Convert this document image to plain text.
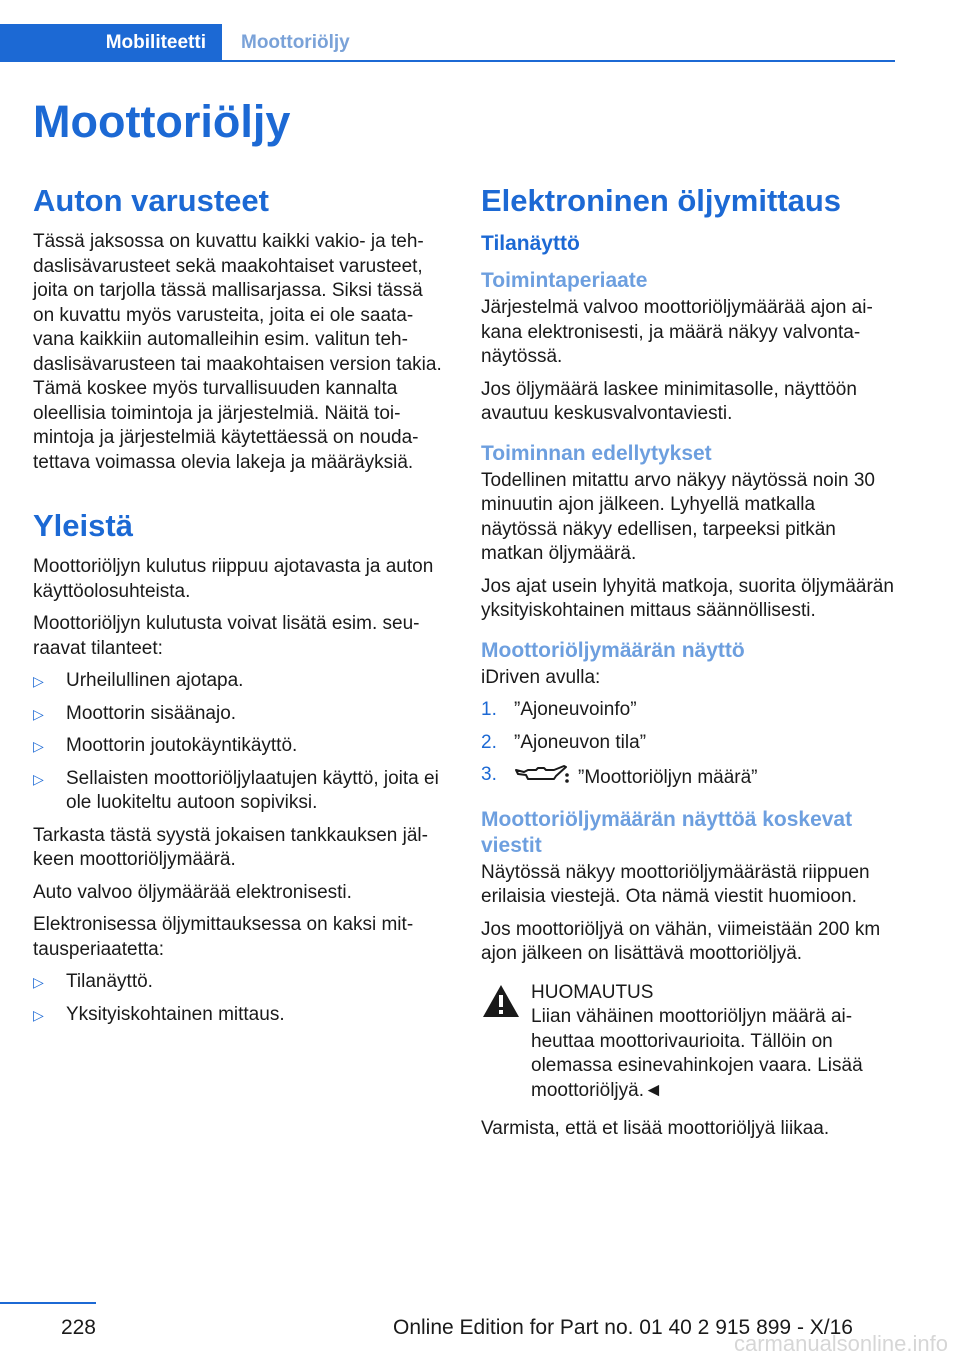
Mobiliteetti	Moottoriöljy
Moottoriöljy
Auton varusteet

Tässä jaksossa on kuvattu kaikki vakio- ja tehdaslisävarusteet sekä maakohtaiset varusteet, joita on tarjolla tässä mallisarjassa. Siksi tässä on kuvattu myös varusteita, joita ei ole saatavana kaikkiin automalleihin esim. valitun tehdaslisävarusteen tai maakohtaisen version takia. Tämä koskee myös turvallisuuden kannalta oleellisia toimintoja ja järjestelmiä. Näitä toimintoja ja järjestelmiä käytettäessä on noudatettava voimassa olevia lakeja ja määräyksiä.

Yleistä

Moottoriöljyn kulutus riippuu ajotavasta ja auton käyttöolosuhteista.

Moottoriöljyn kulutusta voivat lisätä esim. seuraavat tilanteet:

▷ Urheilullinen ajotapa.
▷ Moottorin sisäänajo.
▷ Moottorin joutokäyntikäyttö.
▷ Sellaisten moottoriöljylaatujen käyttö, joita ei ole luokiteltu autoon sopiviksi.

Tarkasta tästä syystä jokaisen tankkauksen jälkeen moottoriöljymäärä.

Auto valvoo öljymäärää elektronisesti.

Elektronisessa öljymittauksessa on kaksi mittausperiaatetta:

▷ Tilanäyttö.
▷ Yksityiskohtainen mittaus.
Elektroninen öljymittaus
Tilanäyttö
Toimintaperiaate

Järjestelmä valvoo moottoriöljymäärää ajon aikana elektronisesti, ja määrä näkyy valvontanäytössä.

Jos öljymäärä laskee minimitasolle, näyttöön avautuu keskusvalvontaviesti.

Toiminnan edellytykset

Todellinen mitattu arvo näkyy näytössä noin 30 minuutin ajon jälkeen. Lyhyellä matkalla näytössä näkyy edellisen, tarpeeksi pitkän matkan öljymäärä.

Jos ajat usein lyhyitä matkoja, suorita öljymäärän yksityiskohtainen mittaus säännöllisesti.

Moottoriöljymäärän näyttö

iDriven avulla:

1. ”Ajoneuvoinfo”
2. ”Ajoneuvon tila”
3.	”Moottoriöljyn määrä”
Moottoriöljymäärän näyttöä koskevat viestit

Näytössä näkyy moottoriöljymäärästä riippuen erilaisia viestejä. Ota nämä viestit huomioon.

Jos moottoriöljyä on vähän, viimeistään 200 km ajon jälkeen on lisättävä moottoriöljyä.

HUOMAUTUS

Liian vähäinen moottoriöljyn määrä aiheuttaa moottorivaurioita. Tällöin on olemassa esinevahinkojen vaara. Lisää moottoriöljyä.◄

Varmista, että et lisää moottoriöljyä liikaa.

228	Online Edition for Part no. 01 40 2 915 899 - X/16
carmanualsonline.info
